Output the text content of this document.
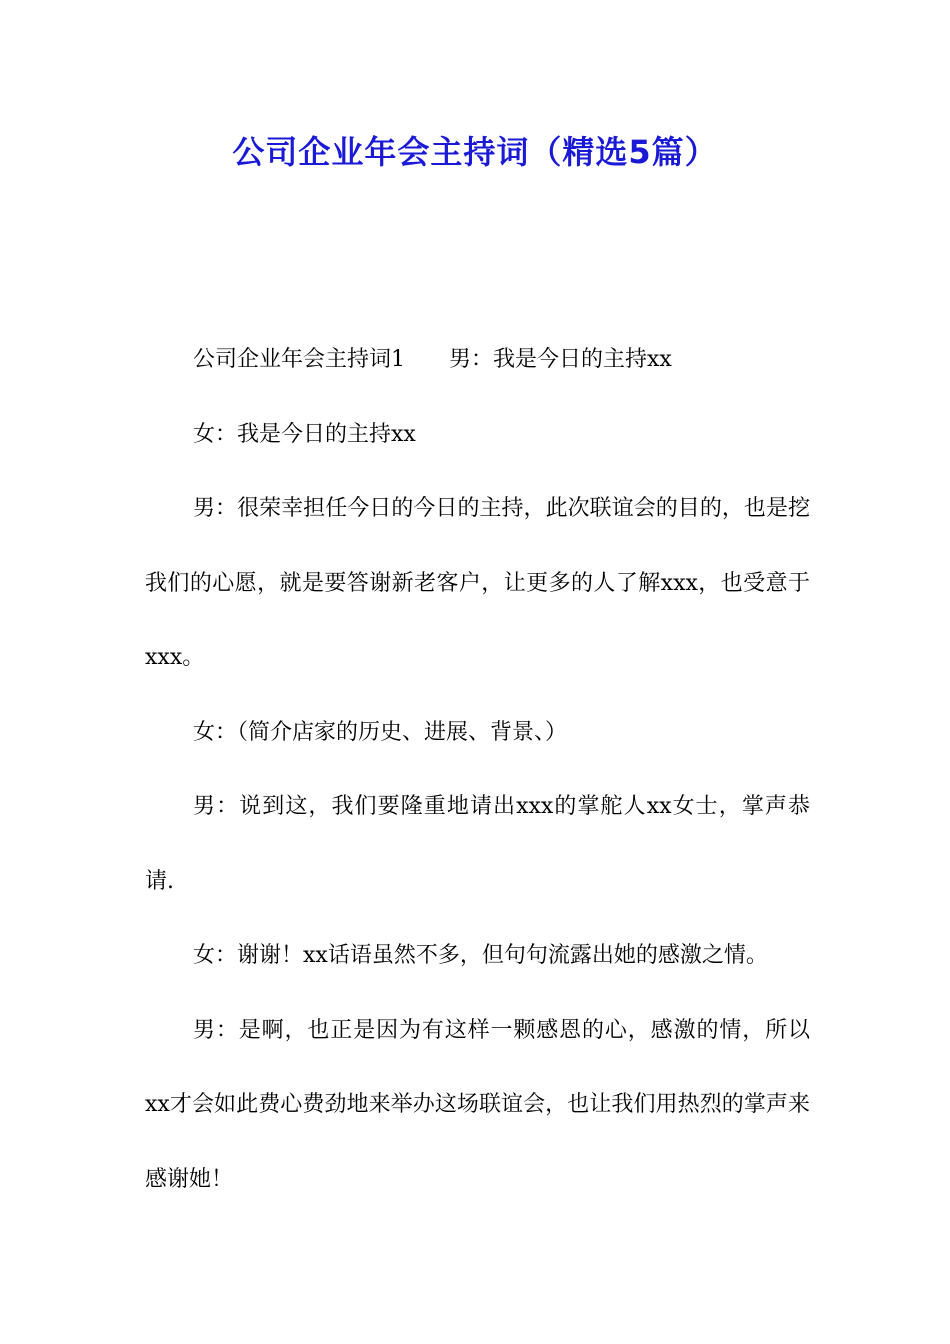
公司企业年会主持词（精选5篇）

公司企业年会主持词1 男：我是今日的主持xx

女：我是今日的主持xx

男：很荣幸担任今日的今日的主持，此次联谊会的目的，也是挖我们的心愿，就是要答谢新老客户，让更多的人了解xxx，也受意于xxx。

女：（简介店家的历史、进展、背景、）

男：说到这，我们要隆重地请出xxx的掌舵人xx女士，掌声恭请.

女：谢谢！xx话语虽然不多，但句句流露出她的感激之情。

男：是啊，也正是因为有这样一颗感恩的心，感激的情，所以xx才会如此费心费劲地来举办这场联谊会，也让我们用热烈的掌声来感谢她！
